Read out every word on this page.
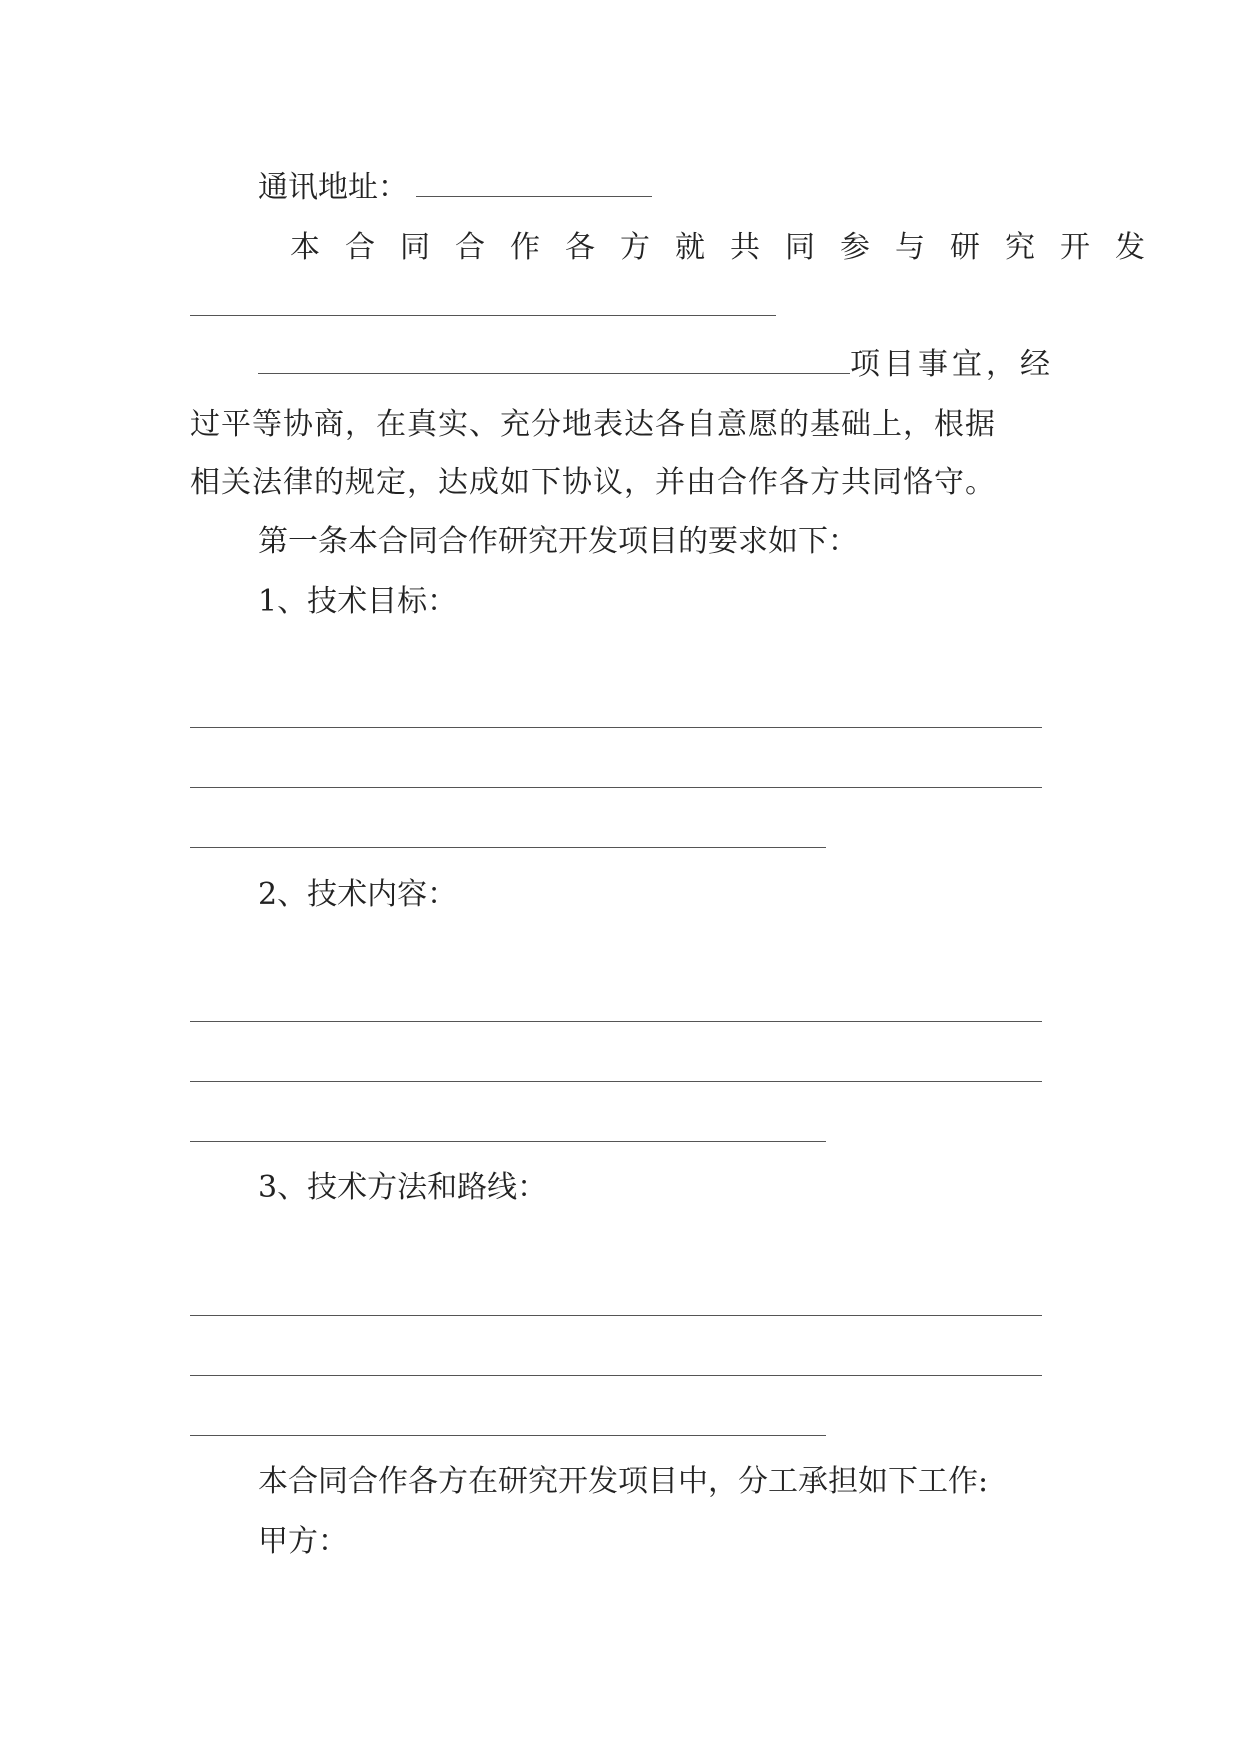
通讯地址：
本合同合作各方就共同参与研究开发
项目事宜，经
过平等协商，在真实、充分地表达各自意愿的基础上，根据
相关法律的规定，达成如下协议，并由合作各方共同恪守。
第一条本合同合作研究开发项目的要求如下：
1、技术目标：
2、技术内容：
3、技术方法和路线：
本合同合作各方在研究开发项目中，分工承担如下工作:
甲方：
